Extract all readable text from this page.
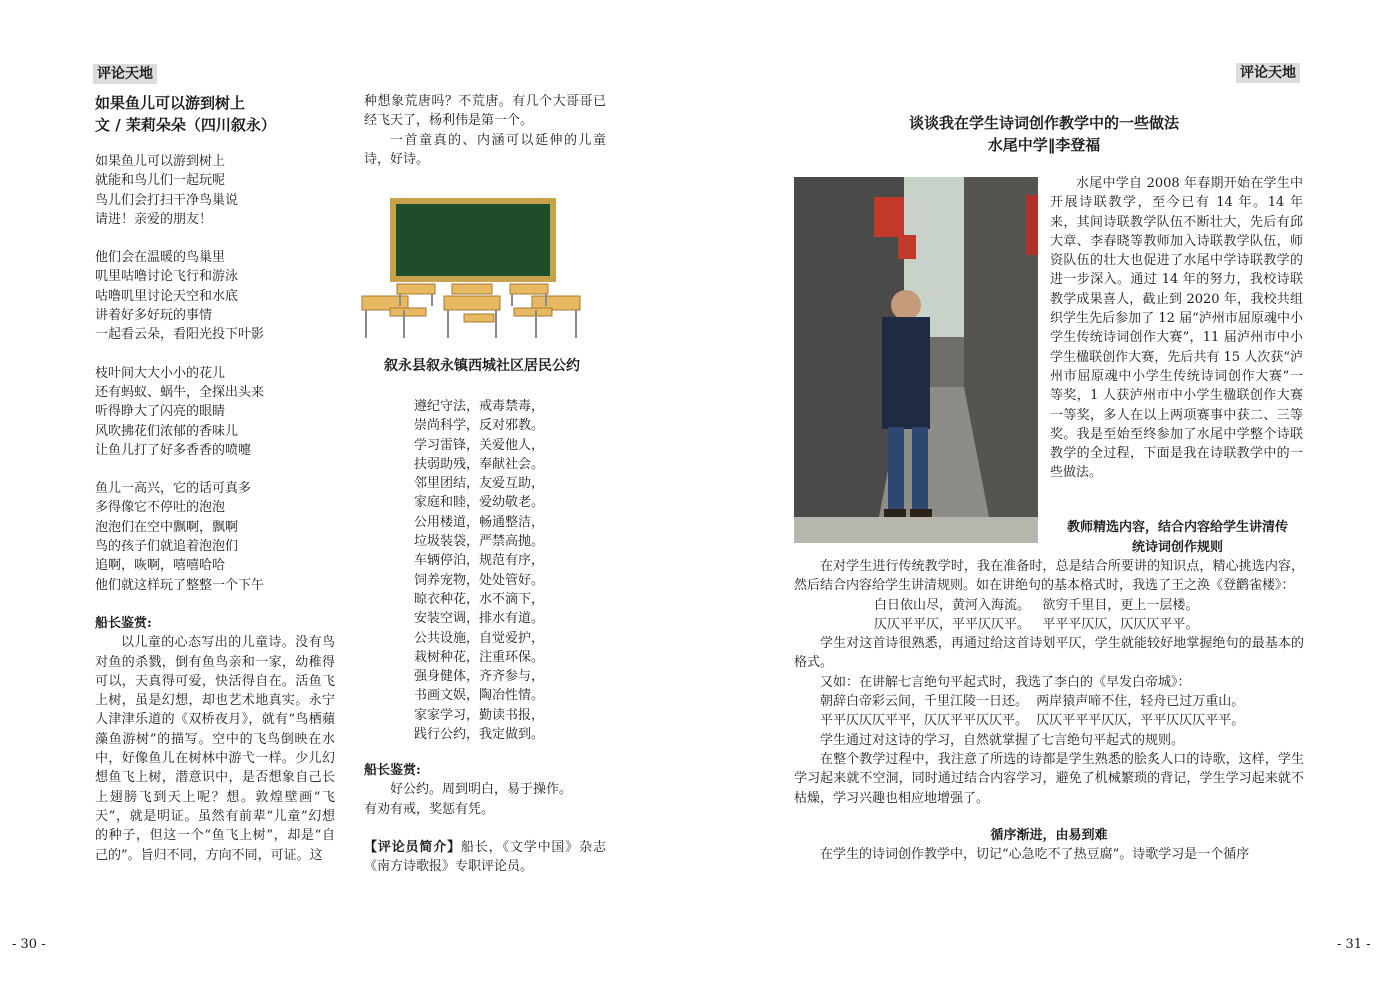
评论天地
如果鱼儿可以游到树上
文 / 茉莉朵朵（四川叙永）
如果鱼儿可以游到树上
就能和鸟儿们一起玩呢
鸟儿们会打扫干净鸟巢说
请进！亲爱的朋友！
他们会在温暖的鸟巢里
叽里咕噜讨论飞行和游泳
咕噜叽里讨论天空和水底
讲着好多好玩的事情
一起看云朵，看阳光投下叶影
枝叶间大大小小的花儿
还有蚂蚁、蜗牛，全探出头来
听得睁大了闪亮的眼睛
风吹拂花们浓郁的香味儿
让鱼儿打了好多香香的喷嚏
鱼儿一高兴，它的话可真多
多得像它不停吐的泡泡
泡泡们在空中飘啊，飘啊
鸟的孩子们就追着泡泡们
追啊，咴啊，嘻嘻哈哈
他们就这样玩了整整一个下午
船长鉴赏:
以儿童的心态写出的儿童诗。没有鸟对鱼的杀戮，倒有鱼鸟亲和一家，幼稚得可以，天真得可爱，快活得自在。活鱼飞上树，虽是幻想，却也艺术地真实。永宁人津津乐道的《双桥夜月》，就有“鸟栖蘋藻鱼游树”的描写。空中的飞鸟倒映在水中，好像鱼儿在树林中游弋一样。少儿幻想鱼飞上树，潜意识中，是否想象自己长上翅膀飞到天上呢？想。敦煌壁画“飞天”，就是明证。虽然有前辈“儿童”幻想的种子，但这一个“鱼飞上树”，却是“自己的”。旨归不同，方向不同，可证。这
种想象荒唐吗？不荒唐。有几个大哥哥已经飞天了，杨利伟是第一个。
一首童真的、内涵可以延伸的儿童诗，好诗。
叙永县叙永镇西城社区居民公约
遵纪守法，戒毒禁毒，
崇尚科学，反对邪教。
学习雷锋，关爱他人，
扶弱助残，奉献社会。
邻里团结，友爱互助，
家庭和睦，爱幼敬老。
公用楼道，畅通整洁，
垃圾装袋，严禁高抛。
车辆停泊，规范有序，
饲养宠物，处处管好。
晾衣种花，水不滴下，
安装空调，排水有道。
公共设施，自觉爱护，
栽树种花，注重环保。
强身健体，齐齐参与，
书画文娱，陶冶性情。
家家学习，勤读书报，
践行公约，我定做到。
船长鉴赏:
好公约。周到明白，易于操作。
有劝有戒，奖惩有凭。
【评论员简介】船长，《文学中国》杂志《南方诗歌报》专职评论员。
- 30 -
评论天地
谈谈我在学生诗词创作教学中的一些做法
水尾中学‖李登福
水尾中学自 2008 年春期开始在学生中开展诗联教学，至今已有 14 年。14 年来，其间诗联教学队伍不断壮大，先后有邱大章、李春晓等教师加入诗联教学队伍，师资队伍的壮大也促进了水尾中学诗联教学的进一步深入。通过 14 年的努力，我校诗联教学成果喜人，截止到 2020 年，我校共组织学生先后参加了 12 届“泸州市屈原魂中小学生传统诗词创作大赛”，11 届泸州市中小学生楹联创作大赛，先后共有 15 人次获“泸州市屈原魂中小学生传统诗词创作大赛”一等奖，1 人获泸州市中小学生楹联创作大赛一等奖，多人在以上两项赛事中获二、三等奖。我是至始至终参加了水尾中学整个诗联教学的全过程，下面是我在诗联教学中的一些做法。
教师精选内容，结合内容给学生讲清传
统诗词创作规则
在对学生进行传统教学时，我在准备时，总是结合所要讲的知识点，精心挑选内容，然后结合内容给学生讲清规则。如在讲绝句的基本格式时，我选了王之涣《登鹳雀楼》：
白日依山尽，黄河入海流。   欲穷千里目，更上一层楼。
仄仄平平仄，平平仄仄平。   平平平仄仄，仄仄仄平平。
学生对这首诗很熟悉，再通过给这首诗划平仄，学生就能较好地掌握绝句的最基本的格式。
又如：在讲解七言绝句平起式时，我选了李白的《早发白帝城》：
朝辞白帝彩云间，千里江陵一日还。  两岸猿声啼不住，轻舟已过万重山。
平平仄仄仄平平，仄仄平平仄仄平。  仄仄平平平仄仄，平平仄仄仄平平。
学生通过对这诗的学习，自然就掌握了七言绝句平起式的规则。
在整个教学过程中，我注意了所选的诗都是学生熟悉的脍炙人口的诗歌，这样，学生学习起来就不空洞，同时通过结合内容学习，避免了机械繁琐的背记，学生学习起来就不枯燥，学习兴趣也相应地增强了。
循序渐进，由易到难
在学生的诗词创作教学中，切记“心急吃不了热豆腐”。诗歌学习是一个循序
- 31 -
